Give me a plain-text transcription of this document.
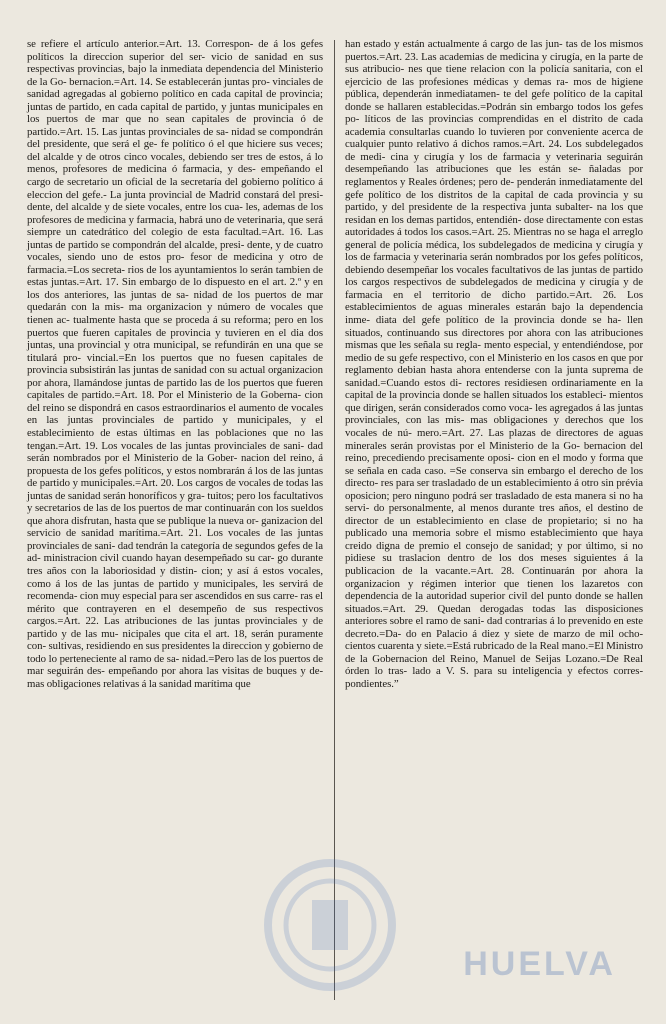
se refiere el artículo anterior.=Art. 13. Correspon- de á los gefes políticos la direccion superior del ser- vicio de sanidad en sus respectivas provincias, bajo la inmediata dependencia del Ministerio de la Go- bernacion.=Art. 14. Se establecerán juntas pro- vinciales de sanidad agregadas al gobierno político en cada capital de provincia; juntas de partido, en cada capital de partido, y juntas municipales en los puertos de mar que no sean capitales de provincia ó de partido.=Art. 15. Las juntas provinciales de sa- nidad se compondrán del presidente, que será el ge- fe político ó el que hiciere sus veces; del alcalde y de otros cinco vocales, debiendo ser tres de estos, á lo menos, profesores de medicina ó farmacia, y des- empeñando el cargo de secretario un oficial de la secretaría del gobierno político á eleccion del gefe.- La junta provincial de Madrid constará del presi- dente, del alcalde y de siete vocales, entre los cua- les, ademas de los profesores de medicina y farmacia, habrá uno de veterinaria, que será siempre un catedrático del colegio de esta facultad.=Art. 16. Las juntas de partido se compondrán del alcalde, presi- dente, y de cuatro vocales, siendo uno de estos pro- fesor de medicina y otro de farmacia.=Los secreta- rios de los ayuntamientos lo serán tambien de estas juntas.=Art. 17. Sin embargo de lo dispuesto en el art. 2.º y en los dos anteriores, las juntas de sa- nidad de los puertos de mar quedarán con la mis- ma organizacion y número de vocales que tienen ac- tualmente hasta que se proceda á su reforma; pero en los puertos que fueren capitales de provincia y tuvieren en el dia dos juntas, una provincial y otra municipal, se refundirán en una que se titulará pro- vincial.=En los puertos que no fuesen capitales de provincia subsistirán las juntas de sanidad con su actual organizacion por ahora, llamándose juntas de partido las de los puertos que fueren capitales de partido.=Art. 18. Por el Ministerio de la Goberna- cion del reino se dispondrá en casos estraordinarios el aumento de vocales en las juntas provinciales de partido y municipales, y el establecimiento de estas últimas en las poblaciones que no las tengan.=Art. 19. Los vocales de las juntas provinciales de sani- dad serán nombrados por el Ministerio de la Gober- nacion del reino, á propuesta de los gefes políticos, y estos nombrarán á los de las juntas de partido y municipales.=Art. 20. Los cargos de vocales de todas las juntas de sanidad serán honoríficos y gra- tuitos; pero los facultativos y secretarios de las de los puertos de mar continuarán con los sueldos que ahora disfrutan, hasta que se publique la nueva or- ganizacion del servicio de sanidad marítima.=Art. 21. Los vocales de las juntas provinciales de sani- dad tendrán la categoría de segundos gefes de la ad- ministracion civil cuando hayan desempeñado su car- go durante tres años con la laboriosidad y distin- cion; y así á estos vocales, como á los de las juntas de partido y municipales, les servirá de recomenda- cion muy especial para ser ascendidos en sus carre- ras el mérito que contrayeren en el desempeño de sus respectivos cargos.=Art. 22. Las atribuciones de las juntas provinciales y de partido y de las mu- nicipales que cita el art. 18, serán puramente con- sultivas, residiendo en sus presidentes la direccion y gobierno de todo lo perteneciente al ramo de sa- nidad.=Pero las de los puertos de mar seguirán des- empeñando por ahora las visitas de buques y de- mas obligaciones relativas á la sanidad marítima que

han estado y están actualmente á cargo de las jun- tas de los mismos puertos.=Art. 23. Las academias de medicina y cirugía, en la parte de sus atribucio- nes que tiene relacion con la policía sanitaria, con el ejercicio de las profesiones médicas y demas ra- mos de higiene pública, dependerán inmediatamen- te del gefe político de la capital donde se hallaren establecidas.=Podrán sin embargo todos los gefes po- líticos de las provincias comprendidas en el distrito de cada academia consultarlas cuando lo tuvieren por conveniente acerca de cualquier punto relativo á dichos ramos.=Art. 24. Los subdelegados de medi- cina y cirugía y los de farmacia y veterinaria seguirán desempeñando las atribuciones que les están se- ñaladas por reglamentos y Reales órdenes; pero de- penderán inmediatamente del gefe político de los distritos de la capital de cada provincia y su partido, y del presidente de la respectiva junta subalter- na los que residan en los demas partidos, entendién- dose directamente con estas autoridades á todos los casos.=Art. 25. Mientras no se haga el arreglo general de policía médica, los subdelegados de medicina y cirugía y los de farmacia y veterinaria serán nombrados por los gefes políticos, debiendo desempeñar los vocales facultativos de las juntas de partido los cargos respectivos de subdelegados de medicina y cirugía y de farmacia en el territorio de dicho partido.=Art. 26. Los establecimientos de aguas minerales estarán bajo la dependencia inme- diata del gefe político de la provincia donde se ha- llen situados, continuando sus directores por ahora con las atribuciones mismas que les señala su regla- mento especial, y entendiéndose, por medio de su gefe respectivo, con el Ministerio en los casos en que por reglamento debian hasta ahora entenderse con la junta suprema de sanidad.=Cuando estos di- rectores residiesen ordinariamente en la capital de la provincia donde se hallen situados los estableci- mientos que dirigen, serán considerados como voca- les agregados á las juntas provinciales, con las mis- mas obligaciones y derechos que los vocales de nú- mero.=Art. 27. Las plazas de directores de aguas minerales serán provistas por el Ministerio de la Go- bernacion del reino, precediendo precisamente oposi- cion en el modo y forma que se señala en cada caso. =Se conserva sin embargo el derecho de los directo- res para ser trasladado de un establecimiento á otro sin prévia oposicion; pero ninguno podrá ser trasladado de esta manera si no ha servi- do personalmente, al menos durante tres años, el destino de director de un establecimiento en clase de propietario; si no ha publicado una memoria sobre el mismo establecimiento que haya creido digna de premio el consejo de sanidad; y por último, si no pidiese su traslacion dentro de los dos meses siguientes á la publicacion de la vacante.=Art. 28. Continuarán por ahora la organizacion y régimen interior que tienen los lazaretos con dependencia de la autoridad superior civil del punto donde se hallen situados.=Art. 29. Quedan derogadas todas las disposiciones anteriores sobre el ramo de sani- dad contrarias á lo prevenido en este decreto.=Da- do en Palacio á diez y siete de marzo de mil ocho- cientos cuarenta y siete.=Está rubricado de la Real mano.=El Ministro de la Gobernacion del Reino, Manuel de Seijas Lozano.=De Real órden lo tras- lado a V. S. para su inteligencia y efectos corres- pondientes.”

HUELVA
